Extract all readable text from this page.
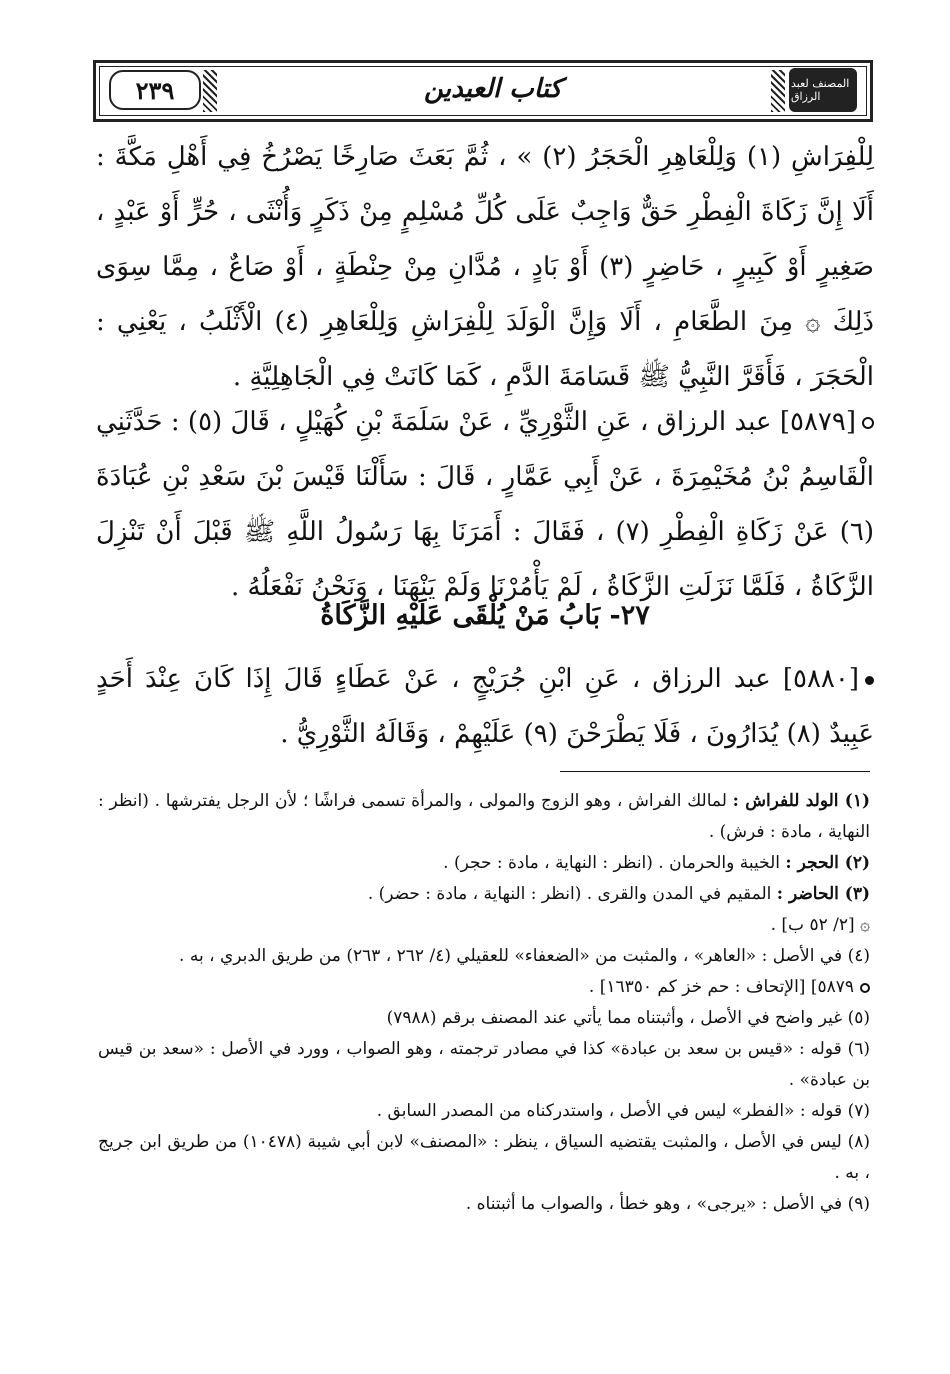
٢٣٩	كتاب العيدين	المصنف لعبد الرزاق

لِلْفِرَاشِ (١) وَلِلْعَاهِرِ الْحَجَرُ (٢) » ، ثُمَّ بَعَثَ صَارِخًا يَصْرُخُ فِي أَهْلِ مَكَّةَ : أَلَا إِنَّ زَكَاةَ الْفِطْرِ حَقٌّ وَاجِبٌ عَلَى كُلِّ مُسْلِمٍ مِنْ ذَكَرٍ وَأُنْثَى ، حُرٍّ أَوْ عَبْدٍ ، صَغِيرٍ أَوْ كَبِيرٍ ، حَاضِرٍ (٣) أَوْ بَادٍ ، مُدَّانِ مِنْ حِنْطَةٍ ، أَوْ صَاعٌ ، مِمَّا سِوَى ذَلِكَ ۞ مِنَ الطَّعَامِ ، أَلَا وَإِنَّ الْوَلَدَ لِلْفِرَاشِ وَلِلْعَاهِرِ (٤) الْأَثْلَبُ ، يَعْنِي : الْحَجَرَ ، فَأَقَرَّ النَّبِيُّ ﷺ قَسَامَةَ الدَّمِ ، كَمَا كَانَتْ فِي الْجَاهِلِيَّةِ .

[٥٨٧٩] عبد الرزاق ، عَنِ الثَّوْرِيِّ ، عَنْ سَلَمَةَ بْنِ كُهَيْلٍ ، قَالَ (٥) : حَدَّثَنِي الْقَاسِمُ بْنُ مُخَيْمِرَةَ ، عَنْ أَبِي عَمَّارٍ ، قَالَ : سَأَلْنَا قَيْسَ بْنَ سَعْدِ بْنِ عُبَادَةَ (٦) عَنْ زَكَاةِ الْفِطْرِ (٧) ، فَقَالَ : أَمَرَنَا بِهَا رَسُولُ اللَّهِ ﷺ قَبْلَ أَنْ تَنْزِلَ الزَّكَاةُ ، فَلَمَّا نَزَلَتِ الزَّكَاةُ ، لَمْ يَأْمُرْنَا وَلَمْ يَنْهَنَا ، وَنَحْنُ نَفْعَلُهُ .

٢٧- بَابُ مَنْ يُلْقَى عَلَيْهِ الزَّكَاةُ

[٥٨٨٠] عبد الرزاق ، عَنِ ابْنِ جُرَيْجٍ ، عَنْ عَطَاءٍ قَالَ إِذَا كَانَ عِنْدَ أَحَدٍ عَبِيدٌ (٨) يُدَارُونَ ، فَلَا يَطْرَحْنَ (٩) عَلَيْهِمْ ، وَقَالَهُ الثَّوْرِيُّ .

(١) الولد للفراش : لمالك الفراش ، وهو الزوج والمولى ، والمرأة تسمى فراشًا ؛ لأن الرجل يفترشها . (انظر : النهاية ، مادة : فرش) .

(٢) الحجر : الخيبة والحرمان . (انظر : النهاية ، مادة : حجر) .

(٣) الحاضر : المقيم في المدن والقرى . (انظر : النهاية ، مادة : حضر) .

۞ [٢/ ٥٢ ب] .

(٤) في الأصل : «العاهر» ، والمثبت من «الضعفاء» للعقيلي (٤/ ٢٦٢ ، ٢٦٣) من طريق الدبري ، به .

٥٨٧٩] [الإتحاف : حم خز كم ١٦٣٥٠] .

(٥) غير واضح في الأصل ، وأثبتناه مما يأتي عند المصنف برقم (٧٩٨٨)

(٦) قوله : «قيس بن سعد بن عبادة» كذا في مصادر ترجمته ، وهو الصواب ، وورد في الأصل : «سعد بن قيس بن عبادة» .

(٧) قوله : «الفطر» ليس في الأصل ، واستدركناه من المصدر السابق .

(٨) ليس في الأصل ، والمثبت يقتضيه السياق ، ينظر : «المصنف» لابن أبي شيبة (١٠٤٧٨) من طريق ابن جريج ، به .

(٩) في الأصل : «يرجى» ، وهو خطأ ، والصواب ما أثبتناه .
